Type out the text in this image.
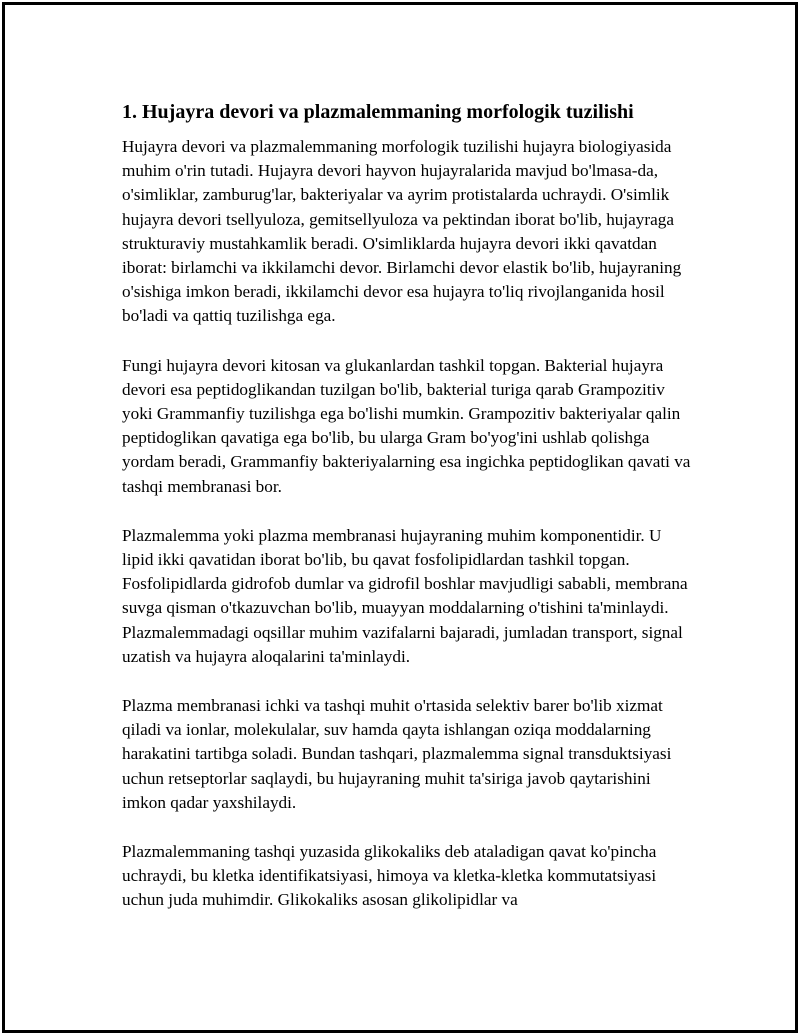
1. Hujayra devori va plazmalemmaning morfologik tuzilishi

Hujayra devori va plazmalemmaning morfologik tuzilishi hujayra biologiyasida muhim o'rin tutadi. Hujayra devori hayvon hujayralarida mavjud bo'lmasa-da, o'simliklar, zamburug'lar, bakteriyalar va ayrim protistalarda uchraydi. O'simlik hujayra devori tsellyuloza, gemitsellyuloza va pektindan iborat bo'lib, hujayraga strukturaviy mustahkamlik beradi. O'simliklarda hujayra devori ikki qavatdan iborat: birlamchi va ikkilamchi devor. Birlamchi devor elastik bo'lib, hujayraning o'sishiga imkon beradi, ikkilamchi devor esa hujayra to'liq rivojlanganida hosil bo'ladi va qattiq tuzilishga ega.

Fungi hujayra devori kitosan va glukanlardan tashkil topgan. Bakterial hujayra devori esa peptidoglikandan tuzilgan bo'lib, bakterial turiga qarab Grampozitiv yoki Grammanfiy tuzilishga ega bo'lishi mumkin. Grampozitiv bakteriyalar qalin peptidoglikan qavatiga ega bo'lib, bu ularga Gram bo'yog'ini ushlab qolishga yordam beradi, Grammanfiy bakteriyalarning esa ingichka peptidoglikan qavati va tashqi membranasi bor.

Plazmalemma yoki plazma membranasi hujayraning muhim komponentidir. U lipid ikki qavatidan iborat bo'lib, bu qavat fosfolipidlardan tashkil topgan. Fosfolipidlarda gidrofob dumlar va gidrofil boshlar mavjudligi sababli, membrana suvga qisman o'tkazuvchan bo'lib, muayyan moddalarning o'tishini ta'minlaydi. Plazmalemmadagi oqsillar muhim vazifalarni bajaradi, jumladan transport, signal uzatish va hujayra aloqalarini ta'minlaydi.

Plazma membranasi ichki va tashqi muhit o'rtasida selektiv barer bo'lib xizmat qiladi va ionlar, molekulalar, suv hamda qayta ishlangan oziqa moddalarning harakatini tartibga soladi. Bundan tashqari, plazmalemma signal transduktsiyasi uchun retseptorlar saqlaydi, bu hujayraning muhit ta'siriga javob qaytarishini imkon qadar yaxshilaydi.

Plazmalemmaning tashqi yuzasida glikokaliks deb ataladigan qavat ko'pincha uchraydi, bu kletka identifikatsiyasi, himoya va kletka-kletka kommutatsiyasi uchun juda muhimdir. Glikokaliks asosan glikolipidlar va
